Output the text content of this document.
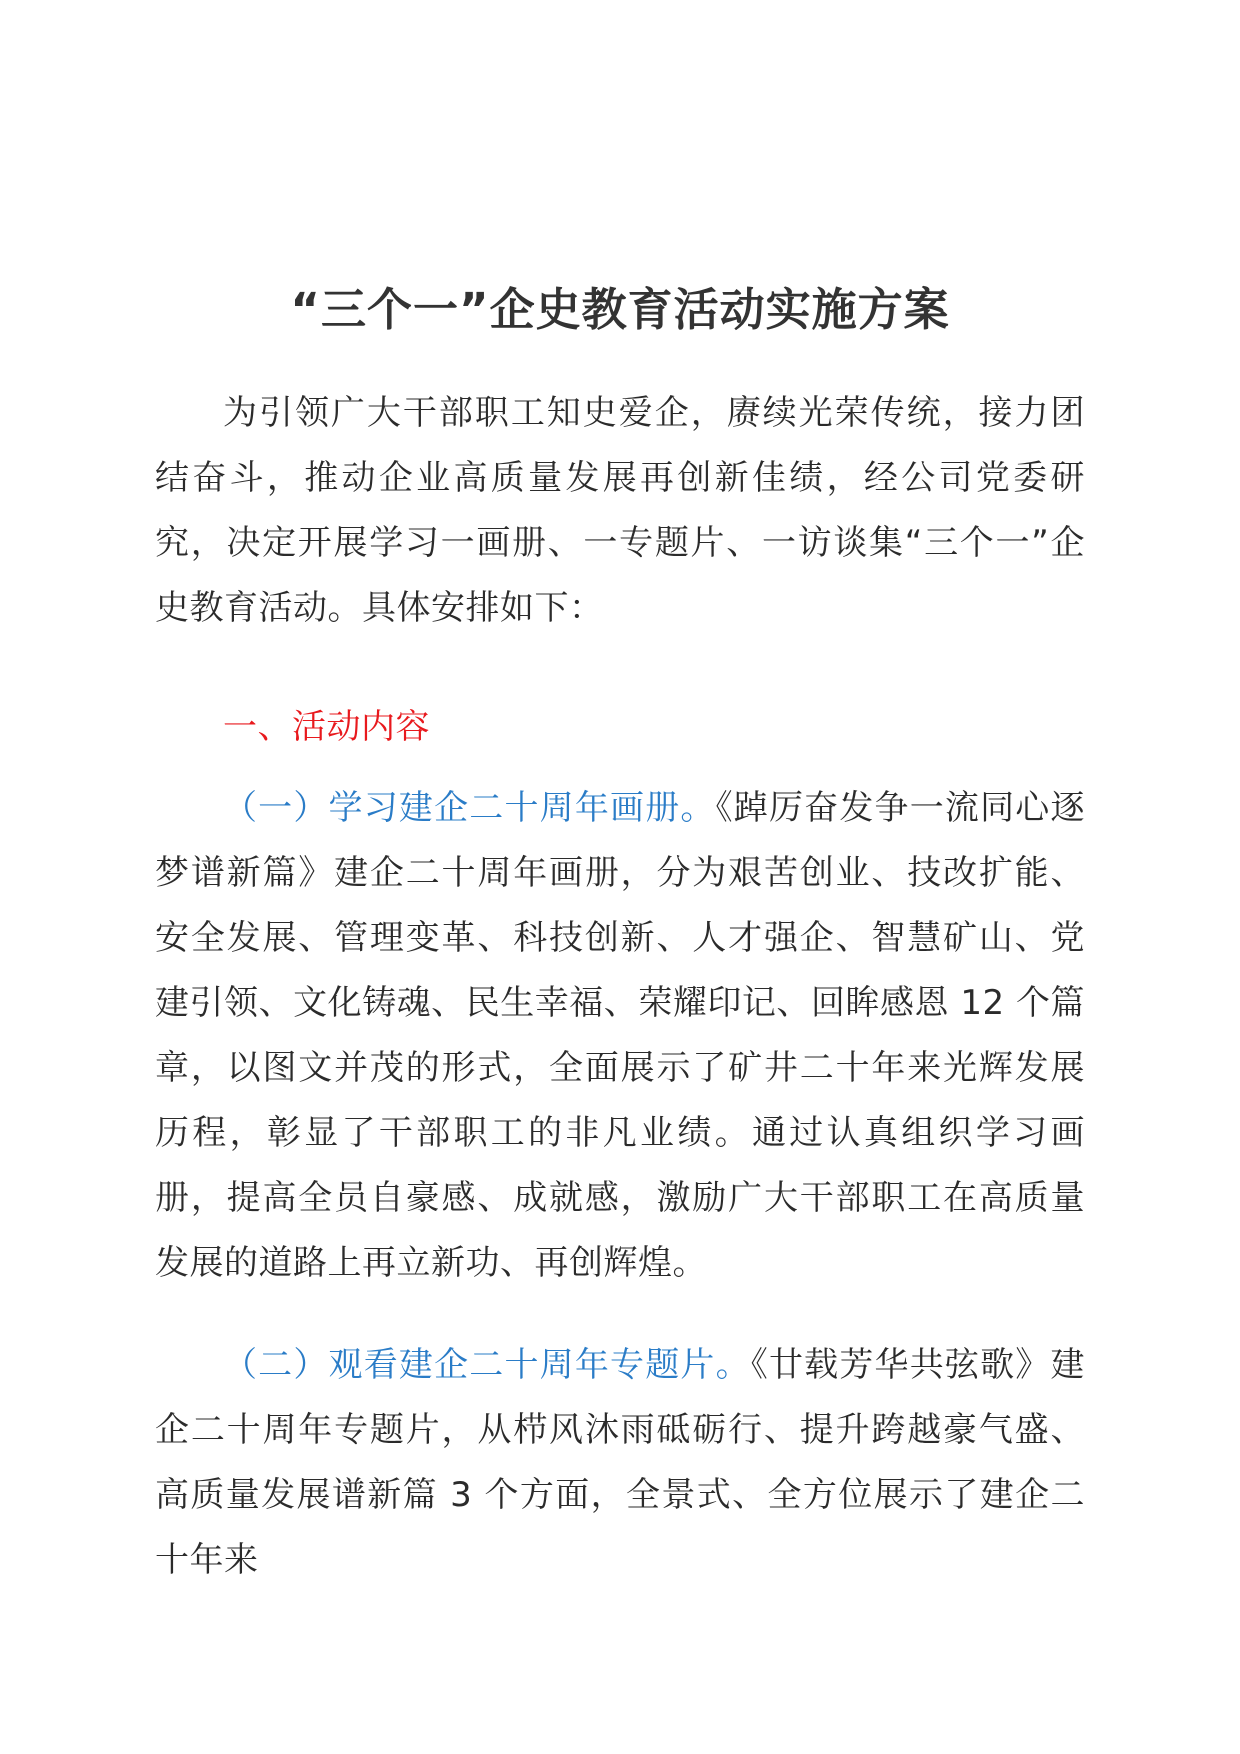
“三个一”企史教育活动实施方案

为引领广大干部职工知史爱企，赓续光荣传统，接力团结奋斗，推动企业高质量发展再创新佳绩，经公司党委研究，决定开展学习一画册、一专题片、一访谈集“三个一”企史教育活动。具体安排如下：

一、活动内容

（一）学习建企二十周年画册。《踔厉奋发争一流同心逐梦谱新篇》建企二十周年画册，分为艰苦创业、技改扩能、安全发展、管理变革、科技创新、人才强企、智慧矿山、党建引领、文化铸魂、民生幸福、荣耀印记、回眸感恩 12 个篇章，以图文并茂的形式，全面展示了矿井二十年来光辉发展历程，彰显了干部职工的非凡业绩。通过认真组织学习画册，提高全员自豪感、成就感，激励广大干部职工在高质量发展的道路上再立新功、再创辉煌。

（二）观看建企二十周年专题片。《廿载芳华共弦歌》建企二十周年专题片，从栉风沐雨砥砺行、提升跨越豪气盛、高质量发展谱新篇 3 个方面，全景式、全方位展示了建企二十年来
